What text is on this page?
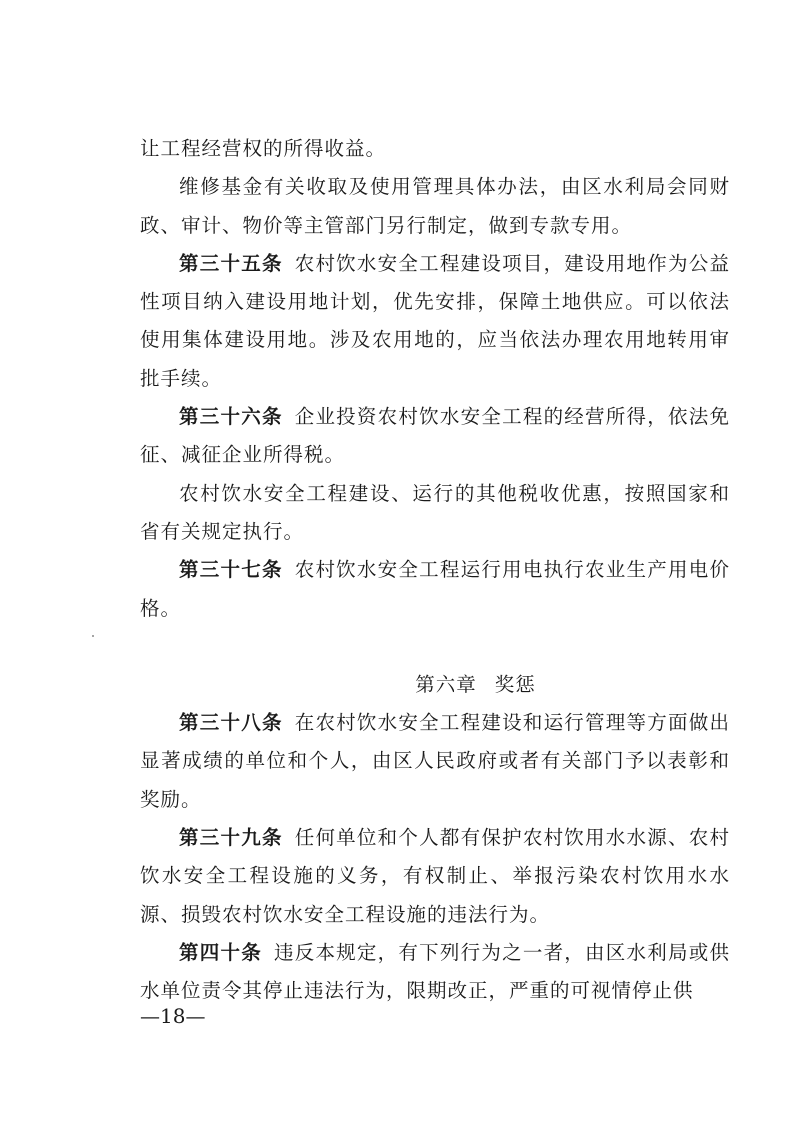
让工程经营权的所得收益。

维修基金有关收取及使用管理具体办法，由区水利局会同财政、审计、物价等主管部门另行制定，做到专款专用。

第三十五条 农村饮水安全工程建设项目，建设用地作为公益性项目纳入建设用地计划，优先安排，保障土地供应。可以依法使用集体建设用地。涉及农用地的，应当依法办理农用地转用审批手续。

第三十六条 企业投资农村饮水安全工程的经营所得，依法免征、减征企业所得税。

农村饮水安全工程建设、运行的其他税收优惠，按照国家和省有关规定执行。

第三十七条 农村饮水安全工程运行用电执行农业生产用电价格。

第六章 奖惩

第三十八条 在农村饮水安全工程建设和运行管理等方面做出显著成绩的单位和个人，由区人民政府或者有关部门予以表彰和奖励。

第三十九条 任何单位和个人都有保护农村饮用水水源、农村饮水安全工程设施的义务，有权制止、举报污染农村饮用水水源、损毁农村饮水安全工程设施的违法行为。

第四十条 违反本规定，有下列行为之一者，由区水利局或供水单位责令其停止违法行为，限期改正，严重的可视情停止供

—18—
